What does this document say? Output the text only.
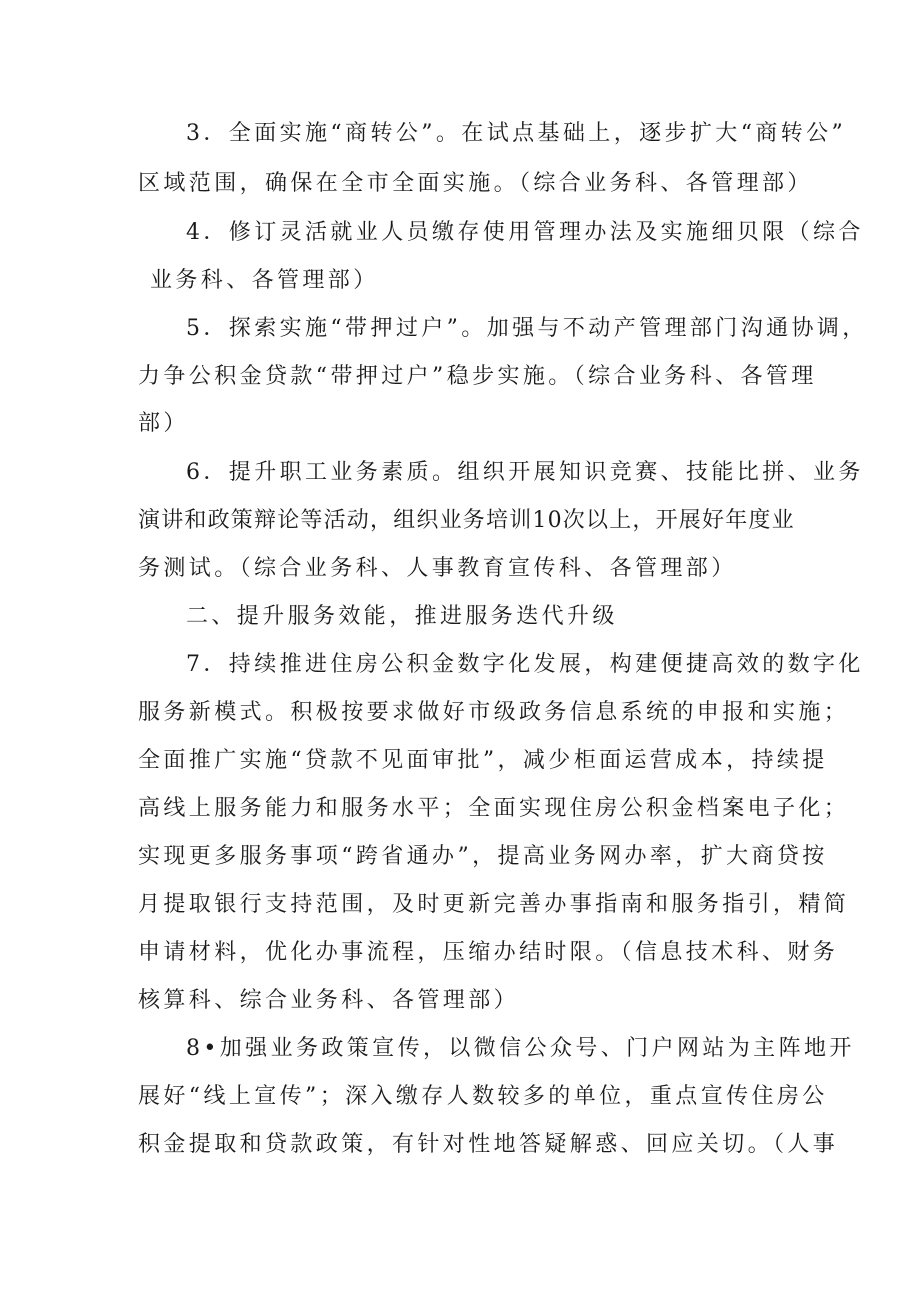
3．全面实施“商转公”。在试点基础上，逐步扩大“商转公”
区域范围，确保在全市全面实施。（综合业务科、各管理部）
4．修订灵活就业人员缴存使用管理办法及实施细贝限（综合
业务科、各管理部）
5．探索实施“带押过户”。加强与不动产管理部门沟通协调，
力争公积金贷款“带押过户”稳步实施。（综合业务科、各管理
部）
6．提升职工业务素质。组织开展知识竞赛、技能比拼、业务
演讲和政策辩论等活动，组织业务培训10次以上，开展好年度业
务测试。（综合业务科、人事教育宣传科、各管理部）
二、提升服务效能，推进服务迭代升级
7．持续推进住房公积金数字化发展，构建便捷高效的数字化
服务新模式。积极按要求做好市级政务信息系统的申报和实施；
全面推广实施“贷款不见面审批”，减少柜面运营成本，持续提
高线上服务能力和服务水平；全面实现住房公积金档案电子化；
实现更多服务事项“跨省通办”，提高业务网办率，扩大商贷按
月提取银行支持范围，及时更新完善办事指南和服务指引，精简
申请材料，优化办事流程，压缩办结时限。（信息技术科、财务
核算科、综合业务科、各管理部）
8•加强业务政策宣传，以微信公众号、门户网站为主阵地开
展好“线上宣传”；深入缴存人数较多的单位，重点宣传住房公
积金提取和贷款政策，有针对性地答疑解惑、回应关切。（人事
